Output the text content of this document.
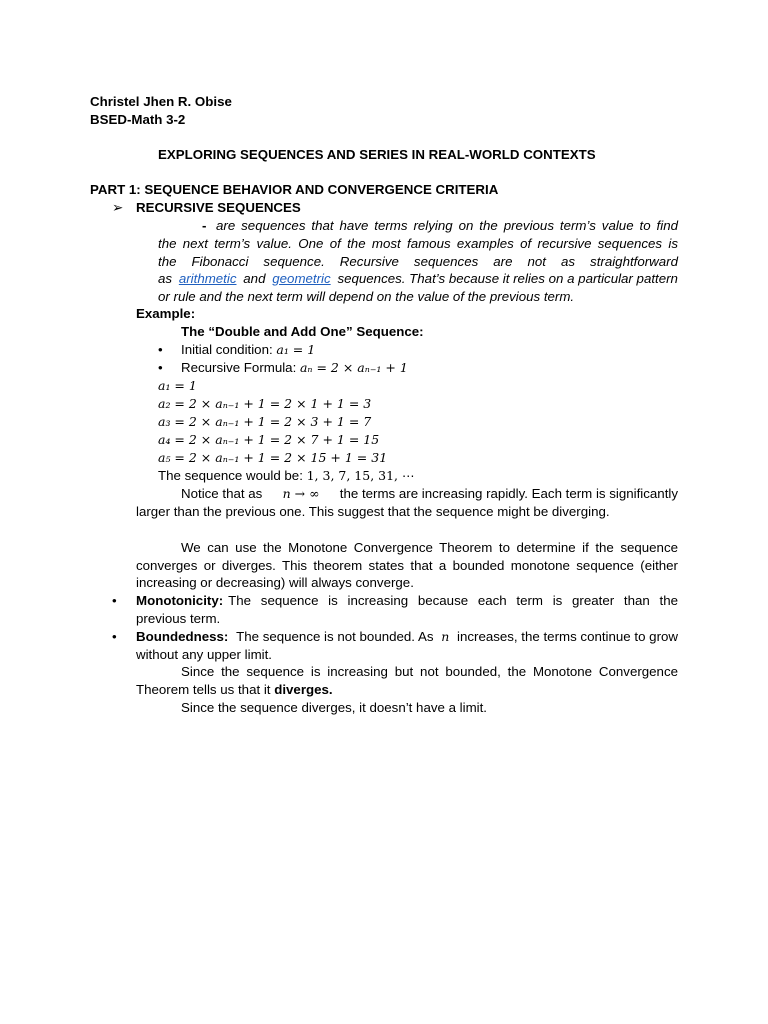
Christel Jhen R. Obise
BSED-Math 3-2
EXPLORING SEQUENCES AND SERIES IN REAL-WORLD CONTEXTS
PART 1: SEQUENCE BEHAVIOR AND CONVERGENCE CRITERIA
➢ RECURSIVE SEQUENCES
- are sequences that have terms relying on the previous term’s value to find
the next term’s value. One of the most famous examples of recursive sequences is
the Fibonacci sequence. Recursive sequences are not as straightforward
as arithmetic and geometric sequences. That’s because it relies on a particular pattern
or rule and the next term will depend on the value of the previous term.
Example:
The “Double and Add One” Sequence:
• Initial condition: a₁ = 1
• Recursive Formula: aₙ = 2 × aₙ₋₁ + 1
a₁ = 1
a₂ = 2 × aₙ₋₁ + 1 = 2 × 1 + 1 = 3
a₃ = 2 × aₙ₋₁ + 1 = 2 × 3 + 1 = 7
a₄ = 2 × aₙ₋₁ + 1 = 2 × 7 + 1 = 15
a₅ = 2 × aₙ₋₁ + 1 = 2 × 15 + 1 = 31
The sequence would be: 1, 3, 7, 15, 31, ⋯
Notice that as n → ∞ the terms are increasing rapidly. Each term is significantly
larger than the previous one. This suggest that the sequence might be diverging.
We can use the Monotone Convergence Theorem to determine if the sequence
converges or diverges. This theorem states that a bounded monotone sequence (either
increasing or decreasing) will always converge.
• Monotonicity: The sequence is increasing because each term is greater than the
previous term.
• Boundedness: The sequence is not bounded. As n increases, the terms continue to grow
without any upper limit.
Since the sequence is increasing but not bounded, the Monotone Convergence
Theorem tells us that it diverges.
Since the sequence diverges, it doesn’t have a limit.
